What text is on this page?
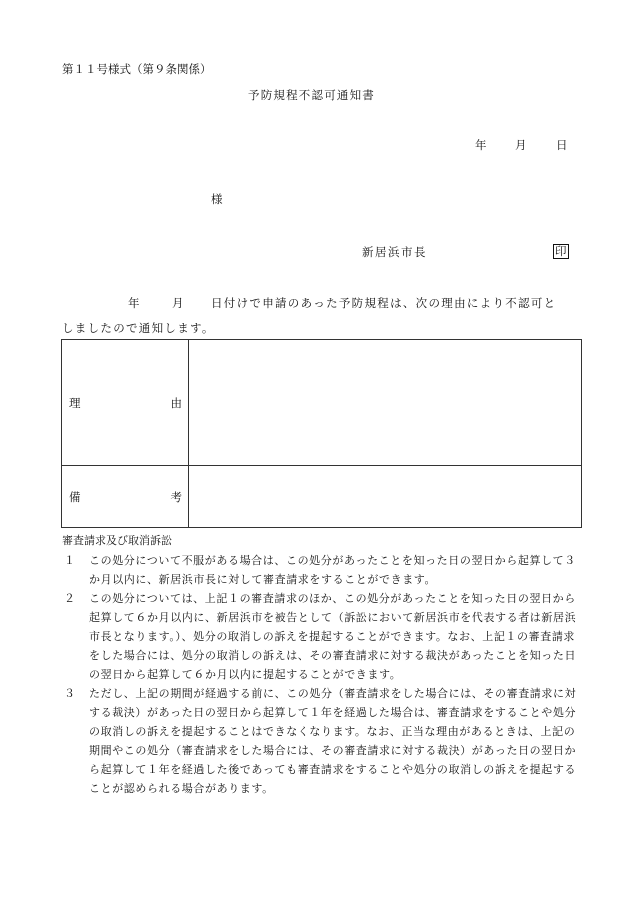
第１１号様式（第９条関係）
予防規程不認可通知書
年 月	日
様
新居浜市長	印
年	月 日付けで申請のあった予防規程は、次の理由により不認可と
しましたので通知します。
理 由	

備 考	

審査請求及び取消訴訟
１	この処分について不服がある場合は、この処分があったことを知った日の翌日から起算して３か月以内に、新居浜市長に対して審査請求をすることができます。
２	この処分については、上記１の審査請求のほか、この処分があったことを知った日の翌日から起算して６か月以内に、新居浜市を被告として（訴訟において新居浜市を代表する者は新居浜市長となります。）、処分の取消しの訴えを提起することができます。なお、上記１の審査請求をした場合には、処分の取消しの訴えは、その審査請求に対する裁決があったことを知った日の翌日から起算して６か月以内に提起することができます。
３	ただし、上記の期間が経過する前に、この処分（審査請求をした場合には、その審査請求に対する裁決）があった日の翌日から起算して１年を経過した場合は、審査請求をすることや処分の取消しの訴えを提起することはできなくなります。なお、正当な理由があるときは、上記の期間やこの処分（審査請求をした場合には、その審査請求に対する裁決）があった日の翌日から起算して１年を経過した後であっても審査請求をすることや処分の取消しの訴えを提起することが認められる場合があります。
